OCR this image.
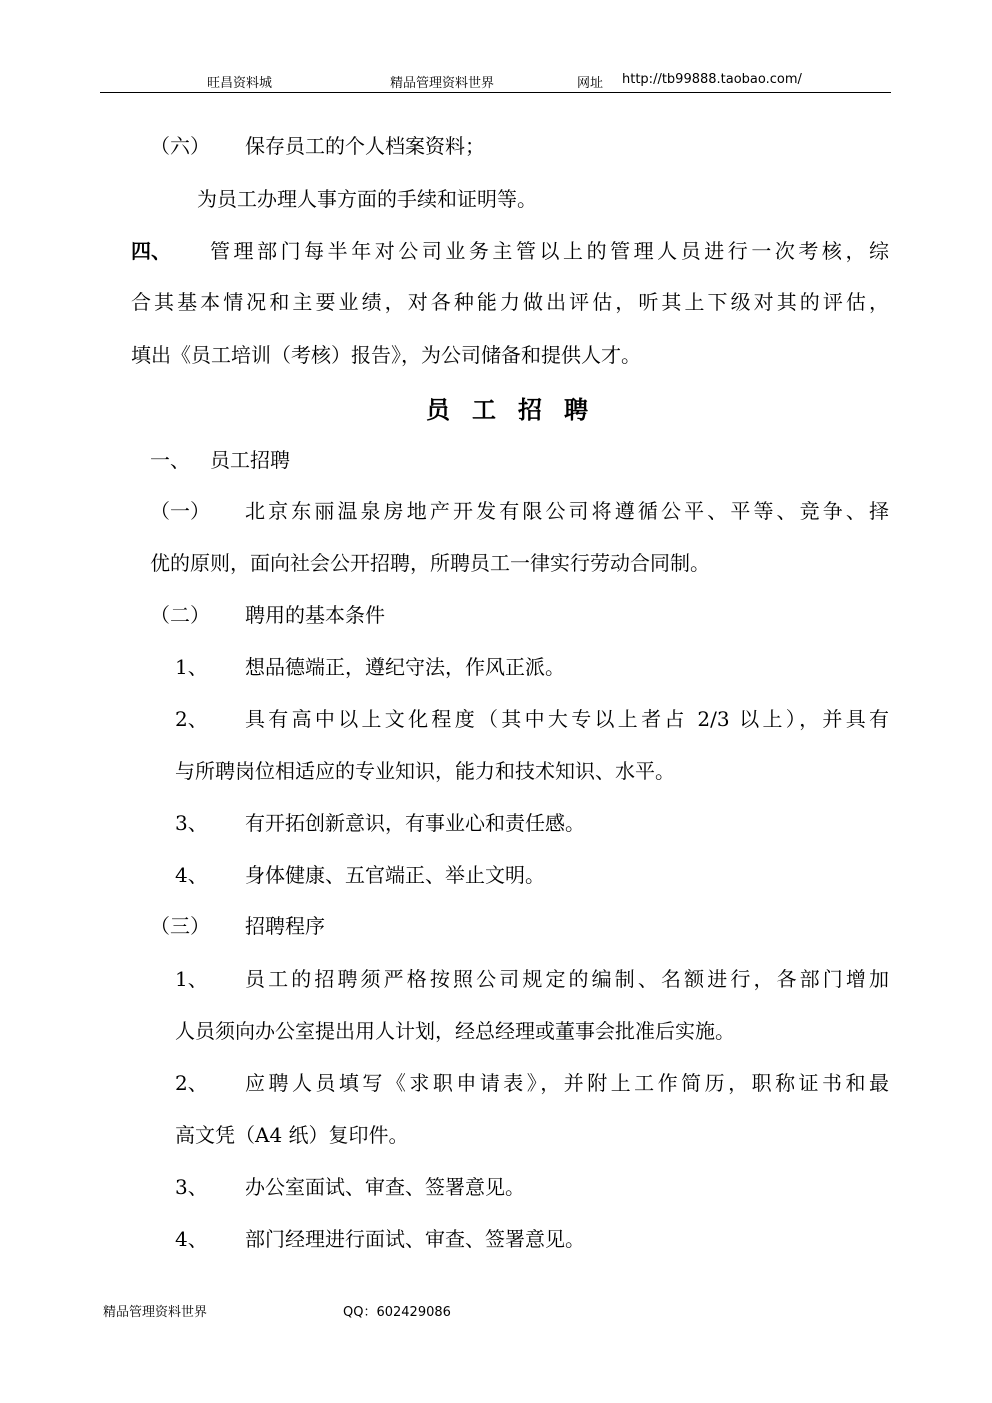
旺昌资料城	精品管理资料世界	网址 http://tb99888.taobao.com/
（六） 保存员工的个人档案资料；
为员工办理人事方面的手续和证明等。
四、 管理部门每半年对公司业务主管以上的管理人员进行一次考核，综
合其基本情况和主要业绩，对各种能力做出评估，听其上下级对其的评估，
填出《员工培训（考核）报告》，为公司储备和提供人才。
员工招聘
一、 员工招聘
（一） 北京东丽温泉房地产开发有限公司将遵循公平、平等、竞争、择
优的原则，面向社会公开招聘，所聘员工一律实行劳动合同制。
（二） 聘用的基本条件
1、 想品德端正，遵纪守法，作风正派。
2、 具有高中以上文化程度（其中大专以上者占 2/3 以上），并具有
与所聘岗位相适应的专业知识，能力和技术知识、水平。
3、 有开拓创新意识，有事业心和责任感。
4、 身体健康、五官端正、举止文明。
（三） 招聘程序
1、 员工的招聘须严格按照公司规定的编制、名额进行，各部门增加
人员须向办公室提出用人计划，经总经理或董事会批准后实施。
2、 应聘人员填写《求职申请表》，并附上工作简历，职称证书和最
高文凭（A4 纸）复印件。
3、 办公室面试、审查、签署意见。
4、 部门经理进行面试、审查、签署意见。
精品管理资料世界	QQ：602429086
